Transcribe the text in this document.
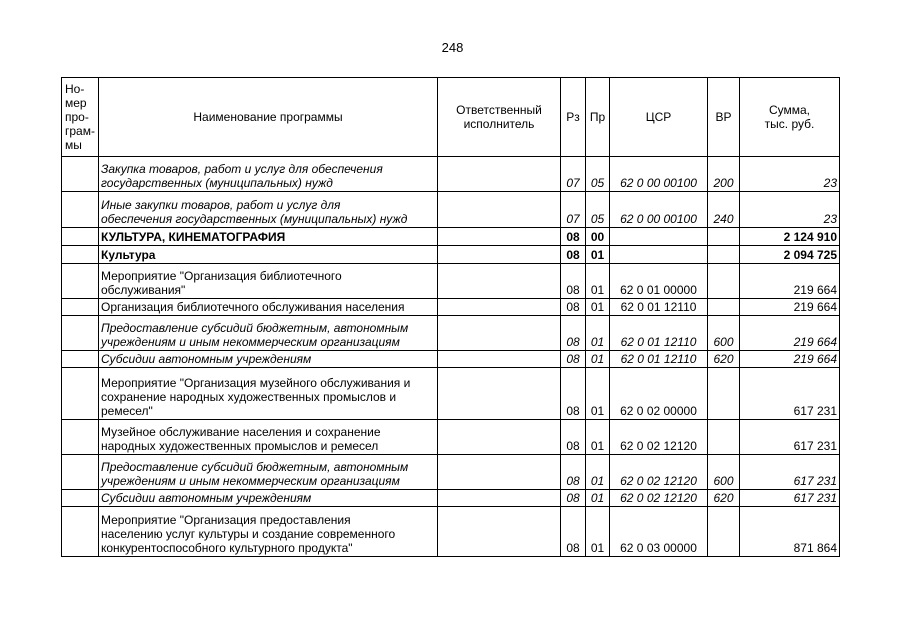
248
Но-
мер
про-
грам-
мы	Наименование программы	Ответственный
исполнитель	Рз	Пр	ЦСР	ВР	Сумма,
тыс. руб.
	Закупка товаров, работ и услуг для обеспечения
государственных (муниципальных) нужд		07	05	62 0 00 00100	200	23
	Иные закупки товаров, работ и услуг для
обеспечения государственных (муниципальных) нужд		07	05	62 0 00 00100	240	23
	КУЛЬТУРА, КИНЕМАТОГРАФИЯ		08	00			2 124 910
	Культура		08	01			2 094 725
	Мероприятие "Организация библиотечного
обслуживания"		08	01	62 0 01 00000		219 664
	Организация библиотечного обслуживания населения		08	01	62 0 01 12110		219 664
	Предоставление субсидий бюджетным, автономным
учреждениям и иным некоммерческим организациям		08	01	62 0 01 12110	600	219 664
	Субсидии автономным учреждениям		08	01	62 0 01 12110	620	219 664
	Мероприятие "Организация музейного обслуживания и
сохранение народных художественных промыслов и
ремесел"		08	01	62 0 02 00000		617 231
	Музейное обслуживание населения и сохранение
народных художественных промыслов и ремесел		08	01	62 0 02 12120		617 231
	Предоставление субсидий бюджетным, автономным
учреждениям и иным некоммерческим организациям		08	01	62 0 02 12120	600	617 231
	Субсидии автономным учреждениям		08	01	62 0 02 12120	620	617 231
	Мероприятие "Организация предоставления
населению услуг культуры и создание современного
конкурентоспособного культурного продукта"		08	01	62 0 03 00000		871 864
